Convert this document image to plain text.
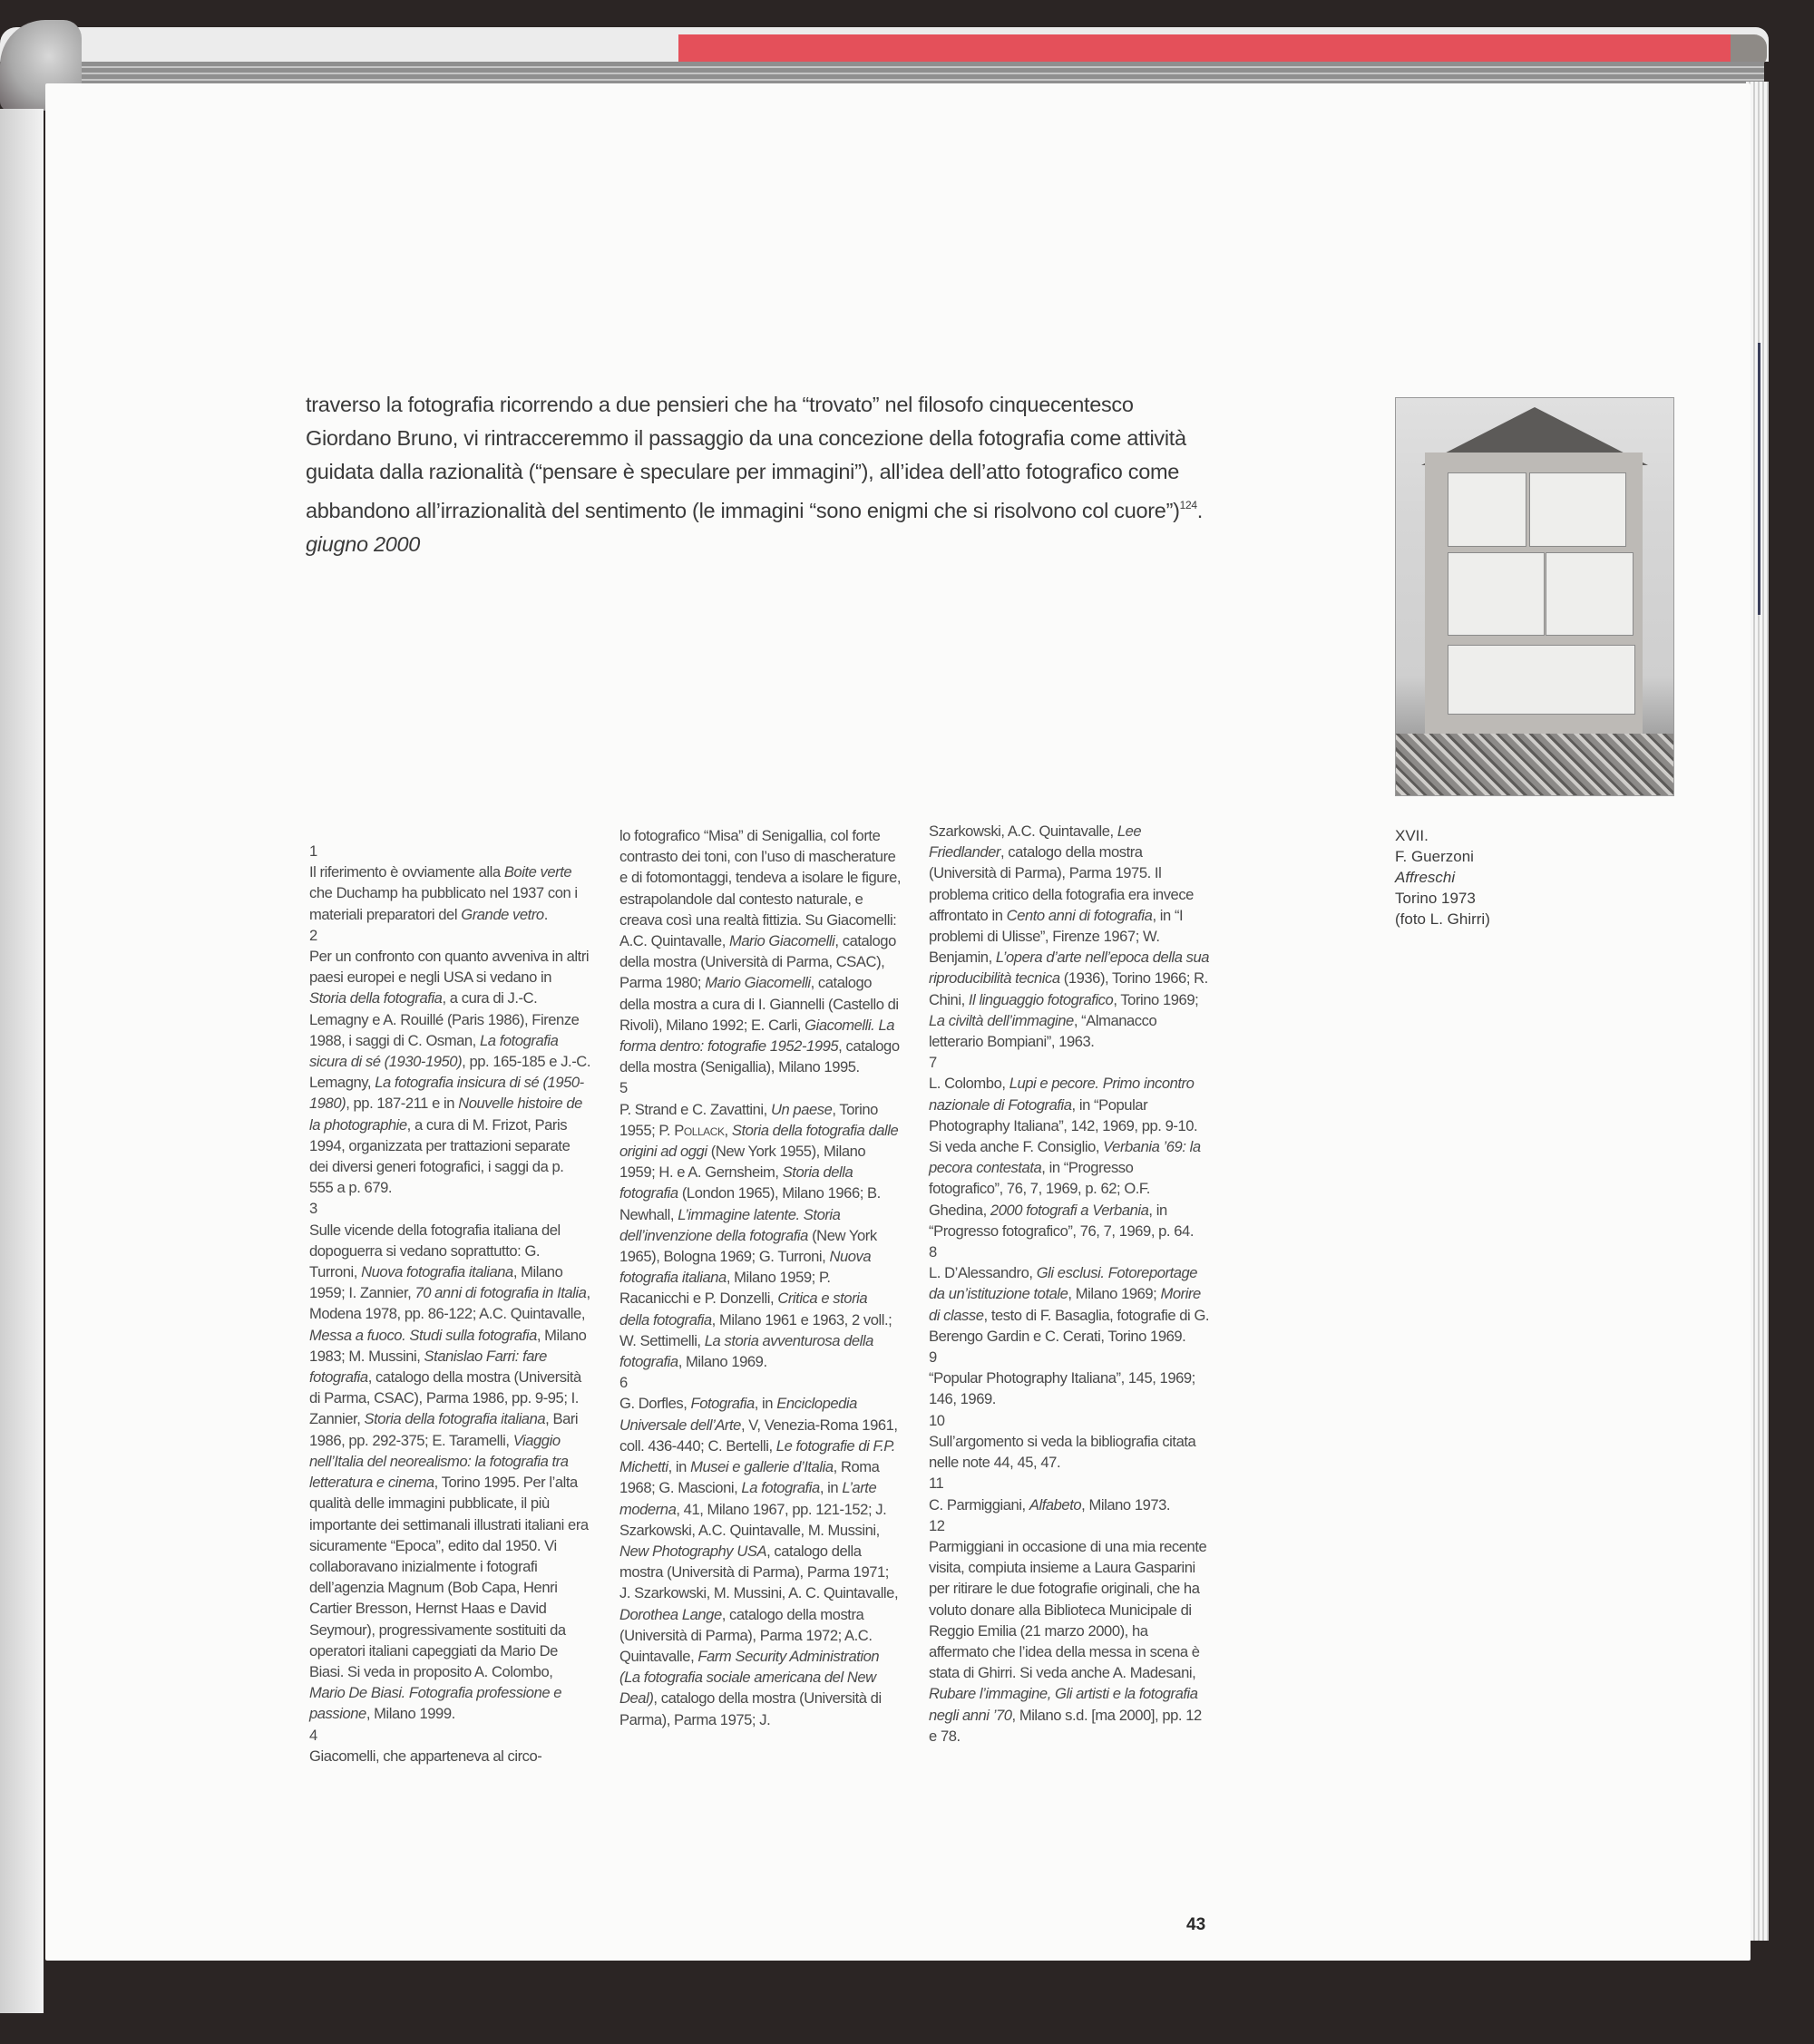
traverso la fotografia ricorrendo a due pensieri che ha “trovato” nel filosofo cinquecentesco Giordano Bruno, vi rintracceremmo il passaggio da una concezione della fotografia come attività guidata dalla razionalità (“pensare è speculare per immagini”), all’idea dell’atto fotografico come abbandono all’irrazionalità del sentimento (le immagini “sono enigmi che si risolvono col cuore”)$^{124}$.
giugno 2000
XVII.
F. Guerzoni
Affreschi
Torino 1973
(foto L. Ghirri)
1
Il riferimento è ovviamente alla Boite verte che Duchamp ha pubblicato nel 1937 con i materiali preparatori del Grande vetro.
2
Per un confronto con quanto avveniva in altri paesi europei e negli USA si vedano in Storia della fotografia, a cura di J.-C. Lemagny e A. Rouillé (Paris 1986), Firenze 1988, i saggi di C. Osman, La fotografia sicura di sé (1930-1950), pp. 165-185 e J.-C. Lemagny, La fotografia insicura di sé (1950-1980), pp. 187-211 e in Nouvelle histoire de la photographie, a cura di M. Frizot, Paris 1994, organizzata per trattazioni separate dei diversi generi fotografici, i saggi da p. 555 a p. 679.
3
Sulle vicende della fotografia italiana del dopoguerra si vedano soprattutto: G. Turroni, Nuova fotografia italiana, Milano 1959; I. Zannier, 70 anni di fotografia in Italia, Modena 1978, pp. 86-122; A.C. Quintavalle, Messa a fuoco. Studi sulla fotografia, Milano 1983; M. Mussini, Stanislao Farri: fare fotografia, catalogo della mostra (Università di Parma, CSAC), Parma 1986, pp. 9-95; I. Zannier, Storia della fotografia italiana, Bari 1986, pp. 292-375; E. Taramelli, Viaggio nell’Italia del neorealismo: la fotografia tra letteratura e cinema, Torino 1995. Per l’alta qualità delle immagini pubblicate, il più importante dei settimanali illustrati italiani era sicuramente “Epoca”, edito dal 1950. Vi collaboravano inizialmente i fotografi dell’agenzia Magnum (Bob Capa, Henri Cartier Bresson, Hernst Haas e David Seymour), progressivamente sostituiti da operatori italiani capeggiati da Mario De Biasi. Si veda in proposito A. Colombo, Mario De Biasi. Fotografia professione e passione, Milano 1999.
4
Giacomelli, che apparteneva al circo-
lo fotografico “Misa” di Senigallia, col forte contrasto dei toni, con l’uso di mascherature e di fotomontaggi, tendeva a isolare le figure, estrapolandole dal contesto naturale, e creava così una realtà fittizia. Su Giacomelli: A.C. Quintavalle, Mario Giacomelli, catalogo della mostra (Università di Parma, CSAC), Parma 1980; Mario Giacomelli, catalogo della mostra a cura di I. Giannelli (Castello di Rivoli), Milano 1992; E. Carli, Giacomelli. La forma dentro: fotografie 1952-1995, catalogo della mostra (Senigallia), Milano 1995.
5
P. Strand e C. Zavattini, Un paese, Torino 1955; P. Pollack, Storia della fotografia dalle origini ad oggi (New York 1955), Milano 1959; H. e A. Gernsheim, Storia della fotografia (London 1965), Milano 1966; B. Newhall, L’immagine latente. Storia dell’invenzione della fotografia (New York 1965), Bologna 1969; G. Turroni, Nuova fotografia italiana, Milano 1959; P. Racanicchi e P. Donzelli, Critica e storia della fotografia, Milano 1961 e 1963, 2 voll.; W. Settimelli, La storia avventurosa della fotografia, Milano 1969.
6
G. Dorfles, Fotografia, in Enciclopedia Universale dell’Arte, V, Venezia-Roma 1961, coll. 436-440; C. Bertelli, Le fotografie di F.P. Michetti, in Musei e gallerie d’Italia, Roma 1968; G. Mascioni, La fotografia, in L’arte moderna, 41, Milano 1967, pp. 121-152; J. Szarkowski, A.C. Quintavalle, M. Mussini, New Photography USA, catalogo della mostra (Università di Parma), Parma 1971; J. Szarkowski, M. Mussini, A. C. Quintavalle, Dorothea Lange, catalogo della mostra (Università di Parma), Parma 1972; A.C. Quintavalle, Farm Security Administration (La fotografia sociale americana del New Deal), catalogo della mostra (Università di Parma), Parma 1975; J.
Szarkowski, A.C. Quintavalle, Lee Friedlander, catalogo della mostra (Università di Parma), Parma 1975. Il problema critico della fotografia era invece affrontato in Cento anni di fotografia, in “I problemi di Ulisse”, Firenze 1967; W. Benjamin, L’opera d’arte nell’epoca della sua riproducibilità tecnica (1936), Torino 1966; R. Chini, Il linguaggio fotografico, Torino 1969; La civiltà dell’immagine, “Almanacco letterario Bompiani”, 1963.
7
L. Colombo, Lupi e pecore. Primo incontro nazionale di Fotografia, in “Popular Photography Italiana”, 142, 1969, pp. 9-10. Si veda anche F. Consiglio, Verbania ’69: la pecora contestata, in “Progresso fotografico”, 76, 7, 1969, p. 62; O.F. Ghedina, 2000 fotografi a Verbania, in “Progresso fotografico”, 76, 7, 1969, p. 64.
8
L. D’Alessandro, Gli esclusi. Fotoreportage da un’istituzione totale, Milano 1969; Morire di classe, testo di F. Basaglia, fotografie di G. Berengo Gardin e C. Cerati, Torino 1969.
9
“Popular Photography Italiana”, 145, 1969; 146, 1969.
10
Sull’argomento si veda la bibliografia citata nelle note 44, 45, 47.
11
C. Parmiggiani, Alfabeto, Milano 1973.
12
Parmiggiani in occasione di una mia recente visita, compiuta insieme a Laura Gasparini per ritirare le due fotografie originali, che ha voluto donare alla Biblioteca Municipale di Reggio Emilia (21 marzo 2000), ha affermato che l’idea della messa in scena è stata di Ghirri. Si veda anche A. Madesani, Rubare l’immagine, Gli artisti e la fotografia negli anni ’70, Milano s.d. [ma 2000], pp. 12 e 78.
43
